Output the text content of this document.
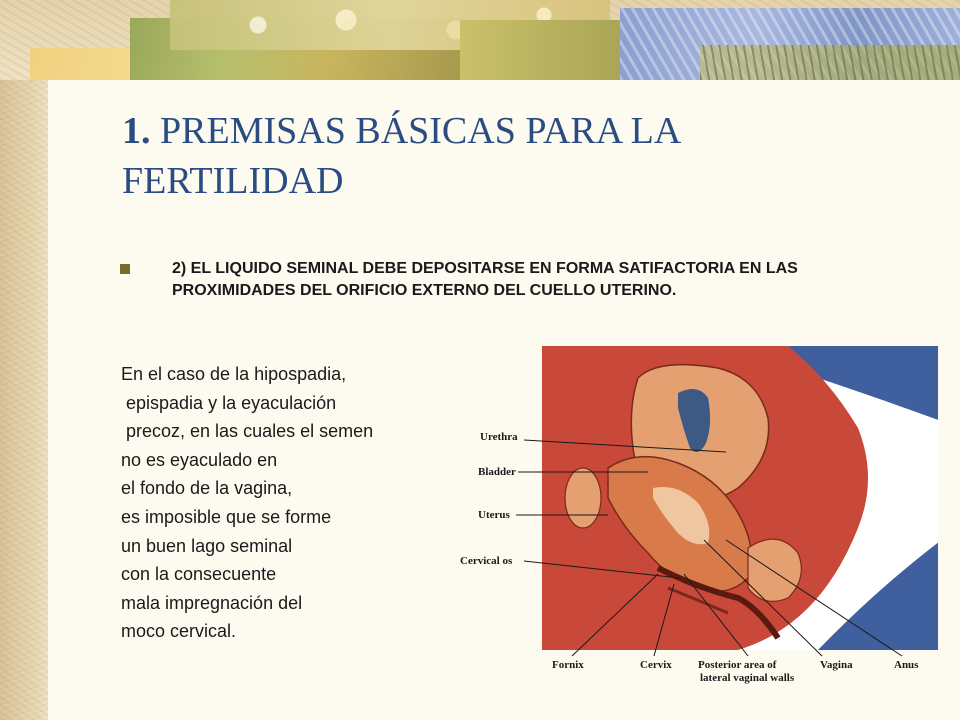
1. PREMISAS BÁSICAS PARA LA FERTILIDAD
2) EL LIQUIDO SEMINAL DEBE DEPOSITARSE EN FORMA SATIFACTORIA EN LAS PROXIMIDADES DEL ORIFICIO EXTERNO DEL CUELLO UTERINO.
En el caso de la hipospadia,
epispadia y la eyaculación
precoz, en las cuales el semen
no es eyaculado en
el fondo de la vagina,
es imposible que se forme
un buen lago seminal
con la consecuente
mala impregnación del
moco cervical.
Urethra
Bladder
Uterus
Cervical os
Fornix	Cervix Posterior area of
lateral vaginal walls
Vagina	Anus
